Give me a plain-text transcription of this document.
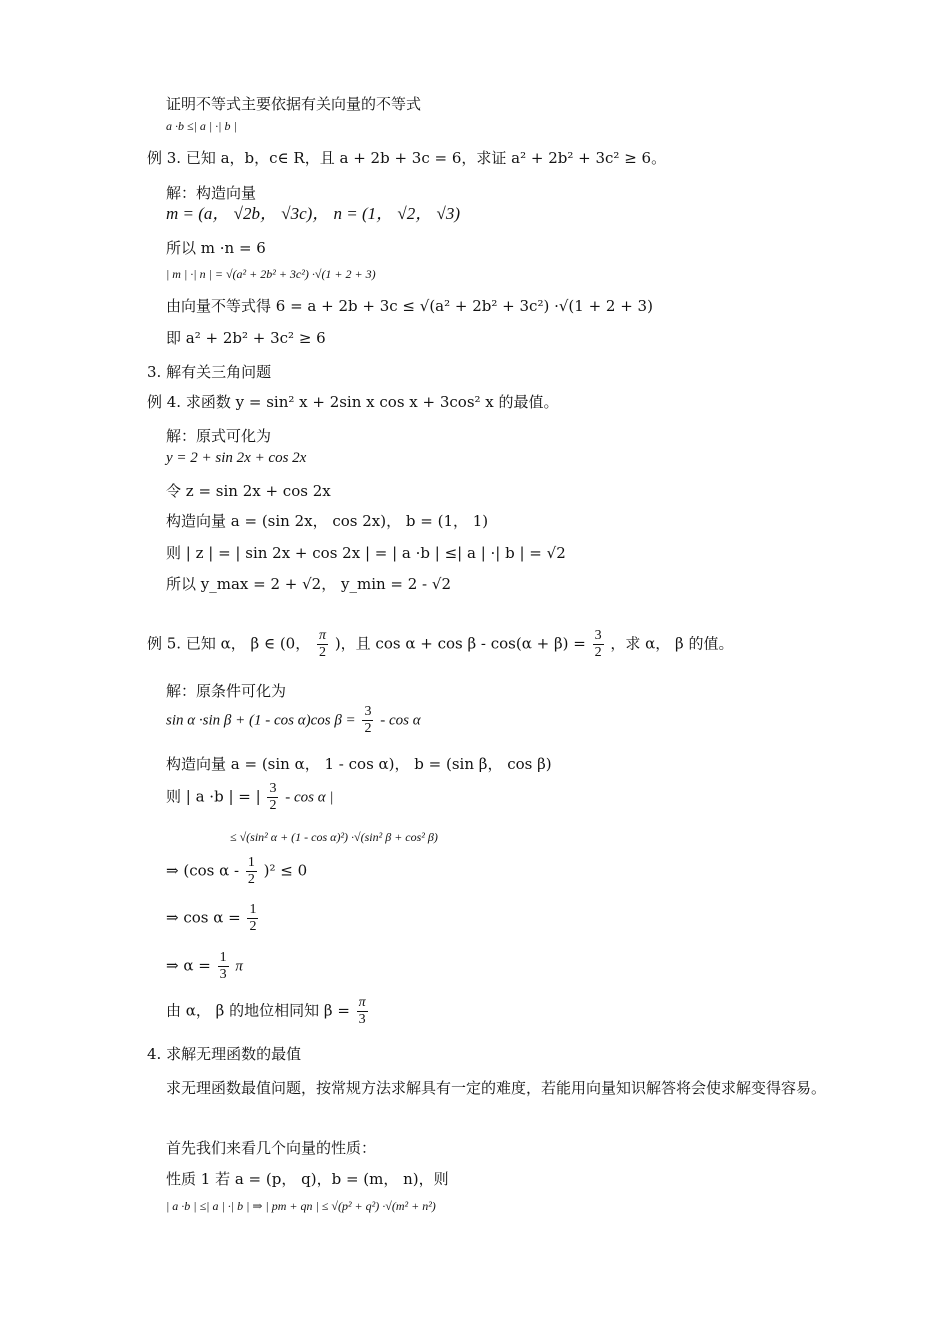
证明不等式主要依据有关向量的不等式
a ·b ≤| a | ·| b |
例 3. 已知 a，b，c∈ R，且 a + 2b + 3c = 6，求证 a² + 2b² + 3c² ≥ 6。
解：构造向量
m = (a， √2b， √3c)， n = (1， √2， √3)
所以 m ·n = 6
| m | ·| n | = √(a² + 2b² + 3c²) ·√(1 + 2 + 3)
由向量不等式得 6 = a + 2b + 3c ≤ √(a² + 2b² + 3c²) ·√(1 + 2 + 3)
即 a² + 2b² + 3c² ≥ 6
3. 解有关三角问题
例 4. 求函数 y = sin² x + 2sin x cos x + 3cos² x 的最值。
解：原式可化为
y = 2 + sin 2x + cos 2x
令 z = sin 2x + cos 2x
构造向量 a = (sin 2x， cos 2x)， b = (1， 1)
则 | z | = | sin 2x + cos 2x | = | a ·b | ≤| a | ·| b | = √2
所以 y_max = 2 + √2， y_min = 2 - √2
例 5. 已知 α， β ∈ (0， $\frac{\pi}{2}$ )，且 $\cos \alpha + \cos \beta - \cos(\alpha + \beta) = \frac{3}{2}$ ，求 α， β 的值。
解：原条件可化为
sin α ·sin β + (1 - cos α)cos $\beta = \frac{3}{2} - \cos \alpha$
构造向量 a = (sin α， 1 - cos α)， b = (sin β， cos β)
则 | a ·b | = | $\frac{3}{2}$ - cos α |
≤ √(sin² α + (1 - cos α)²) ·√(sin² β + cos² β)
⇒ (cos $\alpha - \frac{1}{2} )^2 \le 0$
⇒ $\cos \alpha = \frac{1}{2}$
⇒ $\alpha = \frac{1}{3}$ π
由 α， β 的地位相同知 $\beta = \frac{\pi}{3}$
4. 求解无理函数的最值
求无理函数最值问题，按常规方法求解具有一定的难度，若能用向量知识解答将会使求解变得容易。
首先我们来看几个向量的性质：
性质 1 若 a = (p， q)，b = (m， n)，则
| a ·b | ≤| a | ·| b | ⇒ | pm + qn | ≤ √(p² + q²) ·√(m² + n²)
